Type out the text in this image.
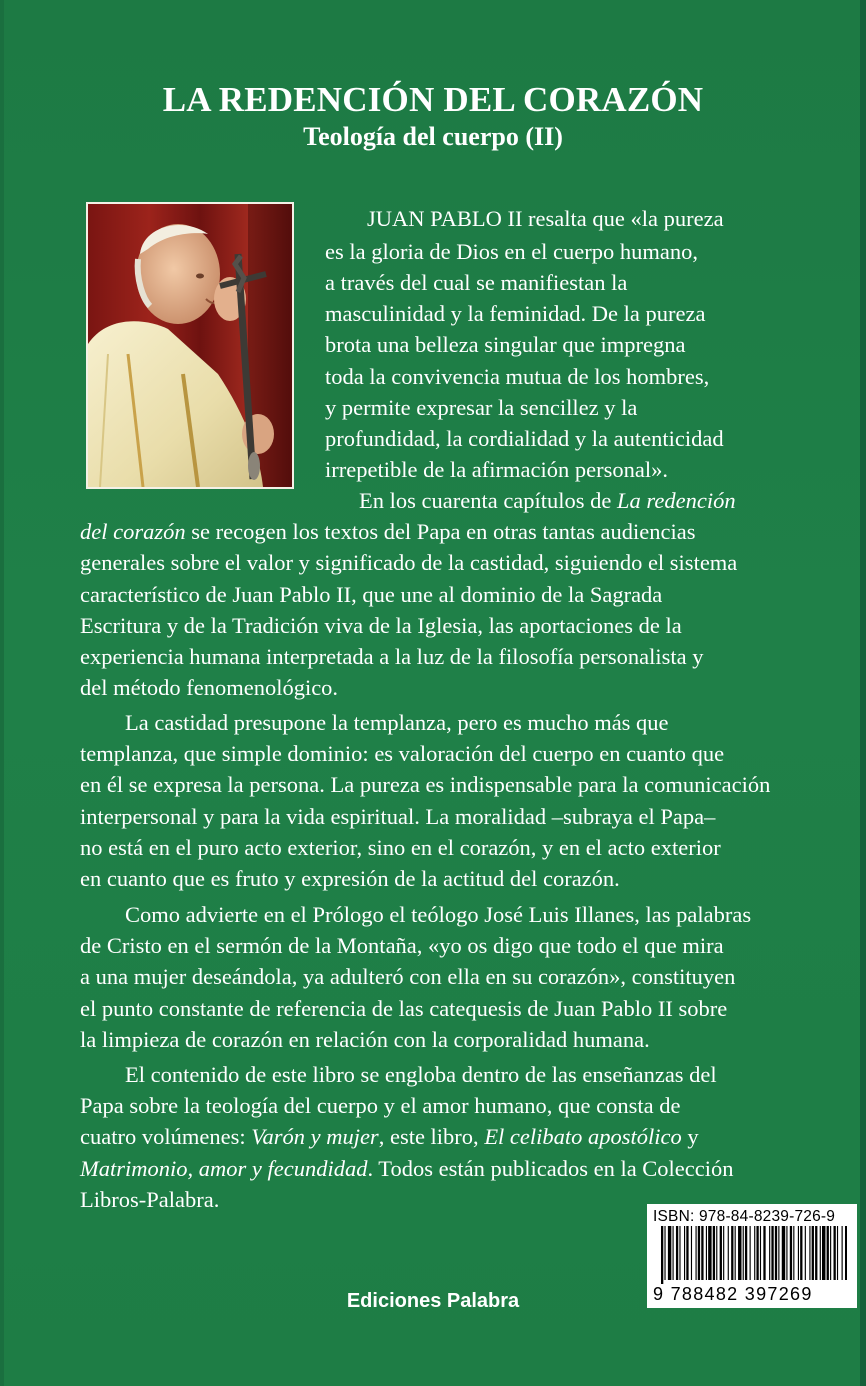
LA REDENCIÓN DEL CORAZÓN
Teología del cuerpo (II)
JUAN PABLO II resalta que «la pureza
es la gloria de Dios en el cuerpo humano,
a través del cual se manifiestan la
masculinidad y la feminidad. De la pureza
brota una belleza singular que impregna
toda la convivencia mutua de los hombres,
y permite expresar la sencillez y la
profundidad, la cordialidad y la autenticidad
irrepetible de la afirmación personal».
En los cuarenta capítulos de La redención
del corazón se recogen los textos del Papa en otras tantas audiencias
generales sobre el valor y significado de la castidad, siguiendo el sistema
característico de Juan Pablo II, que une al dominio de la Sagrada
Escritura y de la Tradición viva de la Iglesia, las aportaciones de la
experiencia humana interpretada a la luz de la filosofía personalista y
del método fenomenológico.
La castidad presupone la templanza, pero es mucho más que
templanza, que simple dominio: es valoración del cuerpo en cuanto que
en él se expresa la persona. La pureza es indispensable para la comunicación
interpersonal y para la vida espiritual. La moralidad –subraya el Papa–
no está en el puro acto exterior, sino en el corazón, y en el acto exterior
en cuanto que es fruto y expresión de la actitud del corazón.
Como advierte en el Prólogo el teólogo José Luis Illanes, las palabras
de Cristo en el sermón de la Montaña, «yo os digo que todo el que mira
a una mujer deseándola, ya adulteró con ella en su corazón», constituyen
el punto constante de referencia de las catequesis de Juan Pablo II sobre
la limpieza de corazón en relación con la corporalidad humana.
El contenido de este libro se engloba dentro de las enseñanzas del
Papa sobre la teología del cuerpo y el amor humano, que consta de
cuatro volúmenes: Varón y mujer, este libro, El celibato apostólico y
Matrimonio, amor y fecundidad. Todos están publicados en la Colección
Libros-Palabra.
ISBN: 978-84-8239-726-9
9 788482 397269
Ediciones Palabra
